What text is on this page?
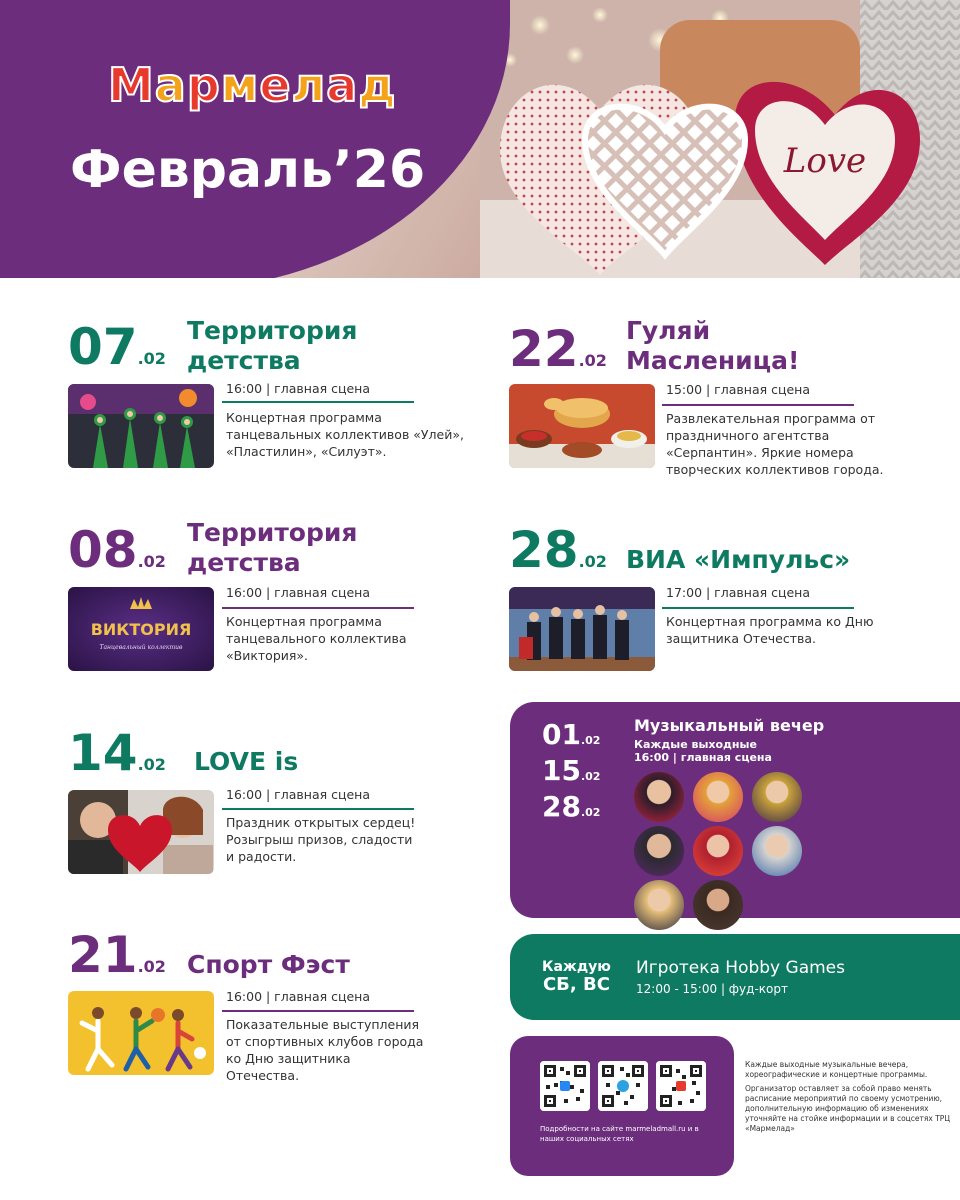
Love
Мармелад
Февраль’26
07.02
Территория детства
16:00 | главная сцена
Концертная программа танцевальных коллективов «Улей», «Пластилин», «Силуэт».
22.02
Гуляй Масленица!
15:00 | главная сцена
Развлекательная программа от праздничного агентства «Серпантин». Яркие номера творческих коллективов города.
08.02
Территория детства
ВИКТОРИЯ
Танцевальный коллектив
16:00 | главная сцена
Концертная программа танцевального коллектива «Виктория».
28.02 ВИА «Импульс»
17:00 | главная сцена
Концертная программа ко Дню защитника Отечества.
14.02 LOVE is
16:00 | главная сцена
Праздник открытых сердец! Розыгрыш призов, сладости и радости.
21.02 Спорт Фэст
16:00 | главная сцена
Показательные выступления от спортивных клубов города ко Дню защитника Отечества.
01.02
15.02
28.02
Музыкальный вечер
Каждые выходные
16:00 | главная сцена

Каждую
СБ, ВС
Игротека Hobby Games
12:00 - 15:00 | фуд-корт
Подробности на сайте marmeladmall.ru и в наших социальных сетях
Каждые выходные музыкальные вечера, хореографические и концертные программы.
Организатор оставляет за собой право менять расписание мероприятий по своему усмотрению, дополнительную информацию об изменениях уточняйте на стойке информации и в соцсетях ТРЦ «Мармелад»
